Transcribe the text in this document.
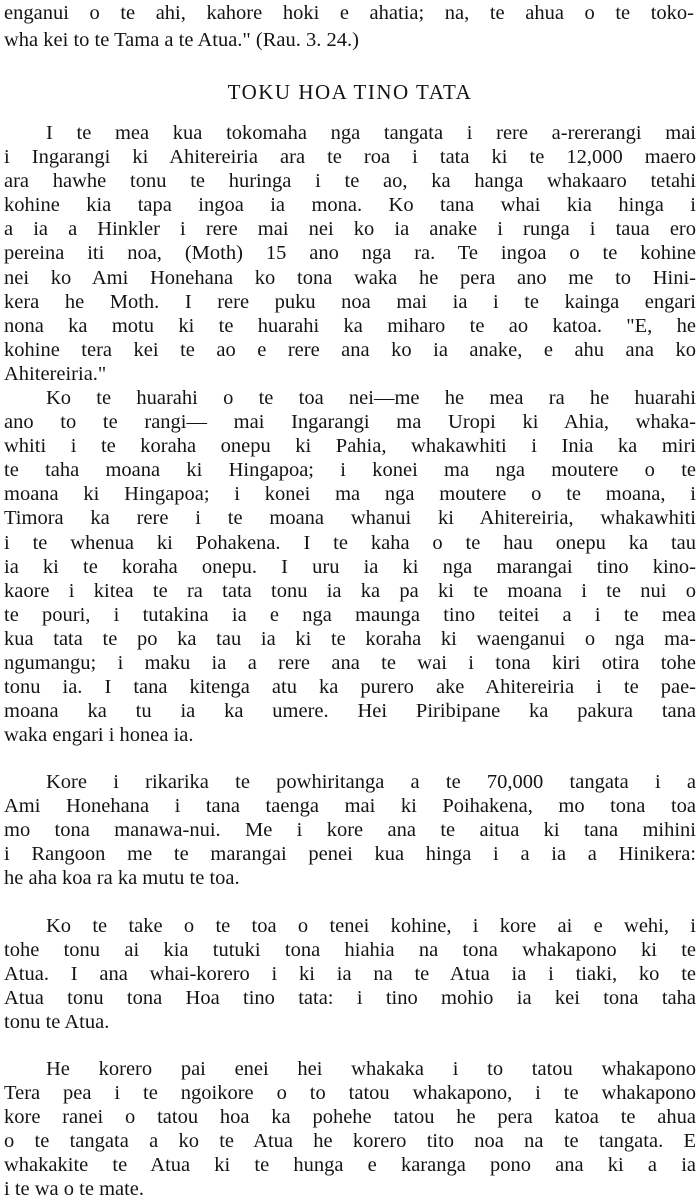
enganui o te ahi, kahore hoki e ahatia; na, te ahua o te toko-
wha kei to te Tama a te Atua." (Rau. 3. 24.)

TOKU HOA TINO TATA

I te mea kua tokomaha nga tangata i rere a-rererangi mai
i Ingarangi ki Ahitereiria ara te roa i tata ki te 12,000 maero
ara hawhe tonu te huringa i te ao, ka hanga whakaaro tetahi
kohine kia tapa ingoa ia mona. Ko tana whai kia hinga i
a ia a Hinkler i rere mai nei ko ia anake i runga i taua ero
pereina iti noa, (Moth) 15 ano nga ra. Te ingoa o te kohine
nei ko Ami Honehana ko tona waka he pera ano me to Hini-
kera he Moth. I rere puku noa mai ia i te kainga engari
nona ka motu ki te huarahi ka miharo te ao katoa. "E, he
kohine tera kei te ao e rere ana ko ia anake, e ahu ana ko
Ahitereiria."

Ko te huarahi o te toa nei—me he mea ra he huarahi
ano to te rangi— mai Ingarangi ma Uropi ki Ahia, whaka-
whiti i te koraha onepu ki Pahia, whakawhiti i Inia ka miri
te taha moana ki Hingapoa; i konei ma nga moutere o te
moana ki Hingapoa; i konei ma nga moutere o te moana, i
Timora ka rere i te moana whanui ki Ahitereiria, whakawhiti
i te whenua ki Pohakena. I te kaha o te hau onepu ka tau
ia ki te koraha onepu. I uru ia ki nga marangai tino kino-
kaore i kitea te ra tata tonu ia ka pa ki te moana i te nui o
te pouri, i tutakina ia e nga maunga tino teitei a i te mea
kua tata te po ka tau ia ki te koraha ki waenganui o nga ma-
ngumangu; i maku ia a rere ana te wai i tona kiri otira tohe
tonu ia. I tana kitenga atu ka purero ake Ahitereiria i te pae-
moana ka tu ia ka umere. Hei Piribipane ka pakura tana
waka engari i honea ia.

Kore i rikarika te powhiritanga a te 70,000 tangata i a
Ami Honehana i tana taenga mai ki Poihakena, mo tona toa
mo tona manawa-nui. Me i kore ana te aitua ki tana mihini
i Rangoon me te marangai penei kua hinga i a ia a Hinikera:
he aha koa ra ka mutu te toa.

Ko te take o te toa o tenei kohine, i kore ai e wehi, i
tohe tonu ai kia tutuki tona hiahia na tona whakapono ki te
Atua. I ana whai-korero i ki ia na te Atua ia i tiaki, ko te
Atua tonu tona Hoa tino tata: i tino mohio ia kei tona taha
tonu te Atua.

He korero pai enei hei whakaka i to tatou whakapono
Tera pea i te ngoikore o to tatou whakapono, i te whakapono
kore ranei o tatou hoa ka pohehe tatou he pera katoa te ahua
o te tangata a ko te Atua he korero tito noa na te tangata. E
whakakite te Atua ki te hunga e karanga pono ana ki a ia
i te wa o te mate.
